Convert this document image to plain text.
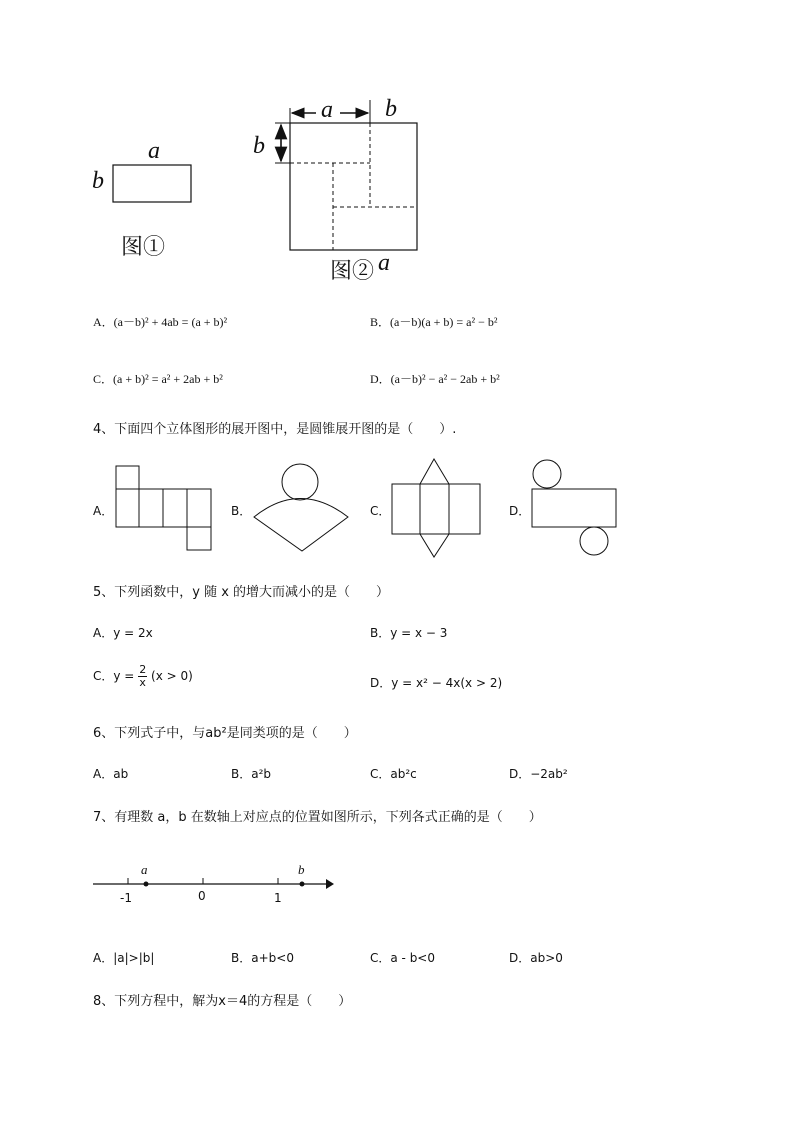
a
b
图①
a b
b
图② a
A．(a－b)² + 4ab = (a + b)²	B．(a－b)(a + b) = a² − b²
C．(a + b)² = a² + 2ab + b²	D．(a－b)² − a² − 2ab + b²
4、下面四个立体图形的展开图中，是圆锥展开图的是（　　）.
A．	B．	C．	D．
5、下列函数中，y 随 x 的增大而减小的是（　　）
A．y = 2x	B．y = x − 3
C．$y = \frac{2}{x} (x > 0)$	D．y = x² − 4x(x > 2)
6、下列式子中，与ab²是同类项的是（　　）
A．ab	B．a²b	C．ab²c	D．−2ab²
7、有理数 a，b 在数轴上对应点的位置如图所示，下列各式正确的是（　　）
a	b
-1	0	1
A．|a|>|b|	B．a+b<0	C．a - b<0	D．ab>0
8、下列方程中，解为x＝4的方程是（　　）
